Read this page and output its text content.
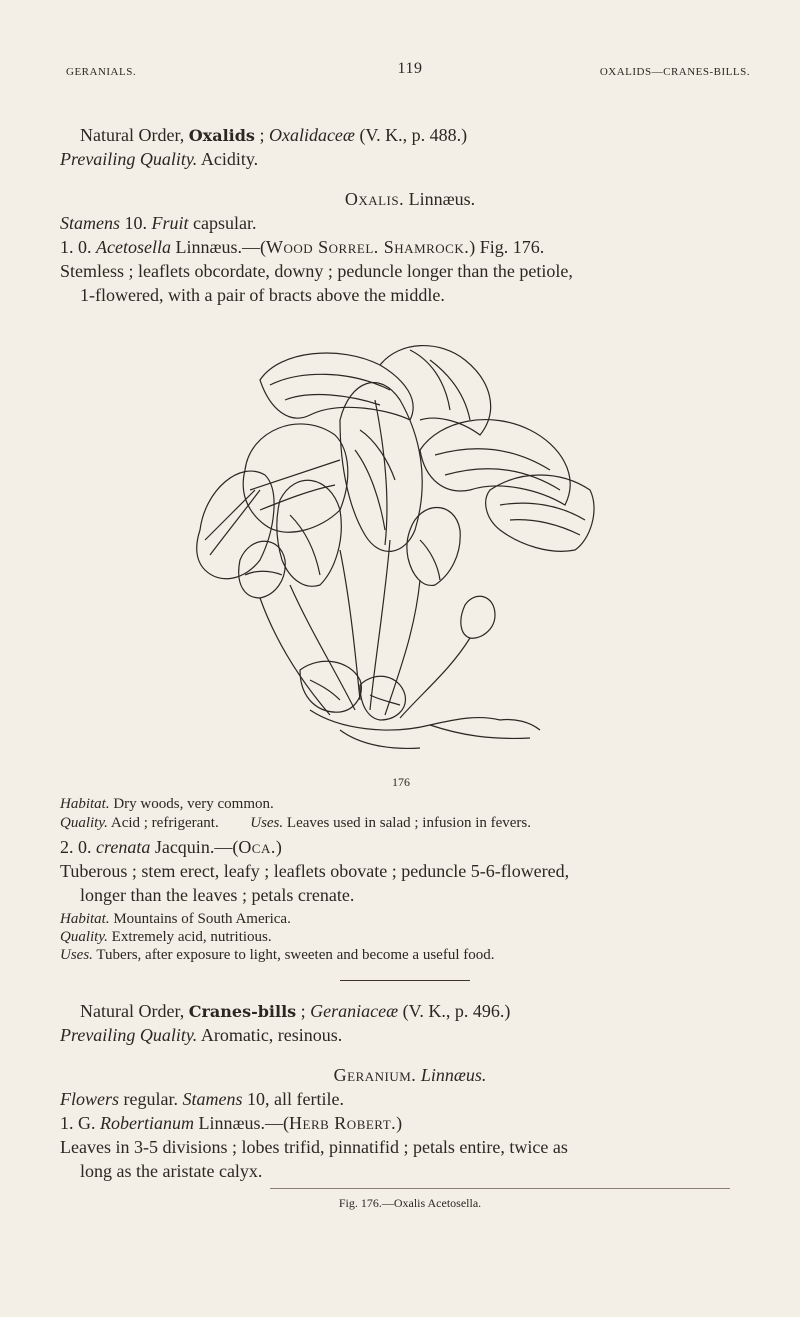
GERANIALS.	119	OXALIDS—CRANES-BILLS.
Natural Order, Oxalids ; Oxalidaceæ (V. K., p. 488.)
Prevailing Quality. Acidity.
Oxalis. Linnæus.
Stamens 10. Fruit capsular.
1. 0. Acetosella Linnæus.—(Wood Sorrel. Shamrock.) Fig. 176.
Stemless ; leaflets obcordate, downy ; peduncle longer than the petiole,
1-flowered, with a pair of bracts above the middle.
176
Habitat. Dry woods, very common.
Quality. Acid ; refrigerant. Uses. Leaves used in salad ; infusion in fevers.
2. 0. crenata Jacquin.—(Oca.)
Tuberous ; stem erect, leafy ; leaflets obovate ; peduncle 5-6-flowered,
longer than the leaves ; petals crenate.
Habitat. Mountains of South America.
Quality. Extremely acid, nutritious.
Uses. Tubers, after exposure to light, sweeten and become a useful food.
Natural Order, Cranes-bills ; Geraniaceæ (V. K., p. 496.)
Prevailing Quality. Aromatic, resinous.
Geranium. Linnæus.
Flowers regular. Stamens 10, all fertile.
1. G. Robertianum Linnæus.—(Herb Robert.)
Leaves in 3-5 divisions ; lobes trifid, pinnatifid ; petals entire, twice as
long as the aristate calyx.
Fig. 176.—Oxalis Acetosella.
